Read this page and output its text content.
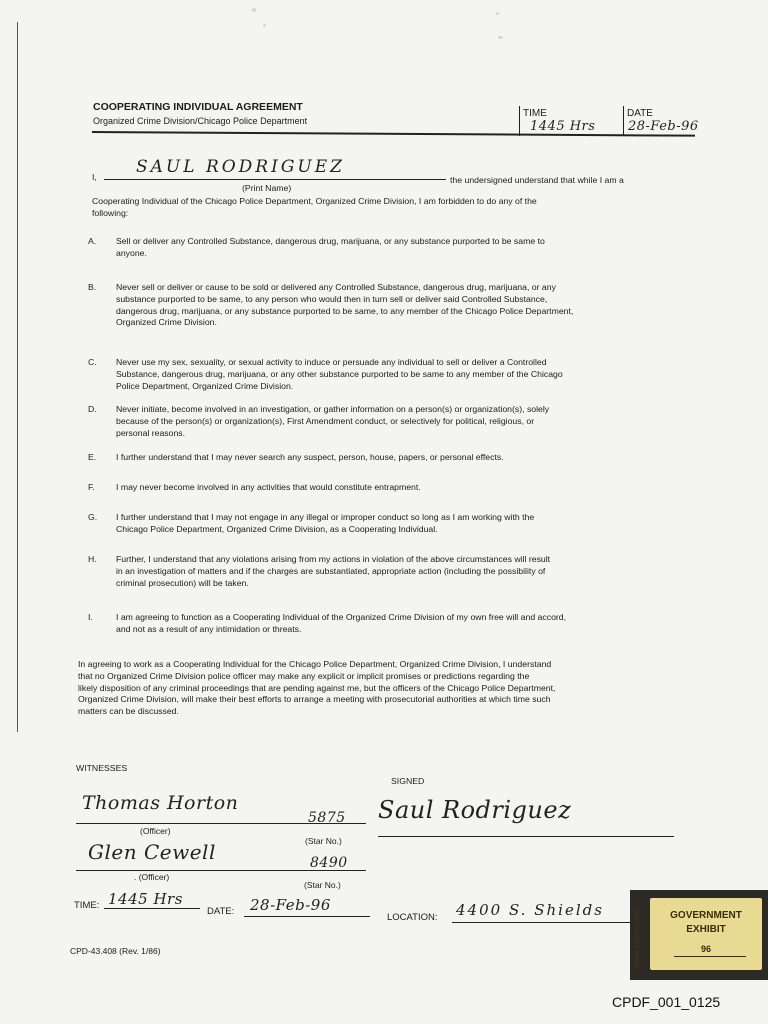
COOPERATING INDIVIDUAL AGREEMENT
Organized Crime Division/Chicago Police Department
TIME
1445 Hrs
DATE
28-Feb-96
I, SAUL RODRIGUEZ
the undersigned understand that while I am a
(Print Name)
Cooperating Individual of the Chicago Police Department, Organized Crime Division, I am forbidden to do any of the
following:
A. Sell or deliver any Controlled Substance, dangerous drug, marijuana, or any substance purported to be same to
anyone.
B. Never sell or deliver or cause to be sold or delivered any Controlled Substance, dangerous drug, marijuana, or any
substance purported to be same, to any person who would then in turn sell or deliver said Controlled Substance,
dangerous drug, marijuana, or any substance purported to be same, to any member of the Chicago Police Department,
Organized Crime Division.
C. Never use my sex, sexuality, or sexual activity to induce or persuade any individual to sell or deliver a Controlled
Substance, dangerous drug, marijuana, or any other substance purported to be same to any member of the Chicago
Police Department, Organized Crime Division.
D. Never initiate, become involved in an investigation, or gather information on a person(s) or organization(s), solely
because of the person(s) or organization(s), First Amendment conduct, or selectively for political, religious, or
personal reasons.
E. I further understand that I may never search any suspect, person, house, papers, or personal effects.
F. I may never become involved in any activities that would constitute entrapment.
G. I further understand that I may not engage in any illegal or improper conduct so long as I am working with the
Chicago Police Department, Organized Crime Division, as a Cooperating Individual.
H. Further, I understand that any violations arising from my actions in violation of the above circumstances will result
in an investigation of matters and if the charges are substantiated, appropriate action (including the possibility of
criminal prosecution) will be taken.
I.	I am agreeing to function as a Cooperating Individual of the Organized Crime Division of my own free will and accord,
and not as a result of any intimidation or threats.
In agreeing to work as a Cooperating Individual for the Chicago Police Department, Organized Crime Division, I understand
that no Organized Crime Division police officer may make any explicit or implicit promises or predictions regarding the
likely disposition of any criminal proceedings that are pending against me, but the officers of the Chicago Police Department,
Organized Crime Division, will make their best efforts to arrange a meeting with prosecutorial authorities at which time such
matters can be discussed.
WITNESSES
SIGNED
Thomas Horton
5875
(Officer)
(Star No.)
Saul Rodriguez
Glen Cewell	8490
. (Officer)
(Star No.)
TIME: 1445 Hrs
DATE: 28-Feb-96
LOCATION: 4400 S. Shields
CPD-43.408 (Rev. 1/86)	DANIELS 800-762-0280	GOVERNMENT
EXHIBIT
96
CPDF_001_0125
